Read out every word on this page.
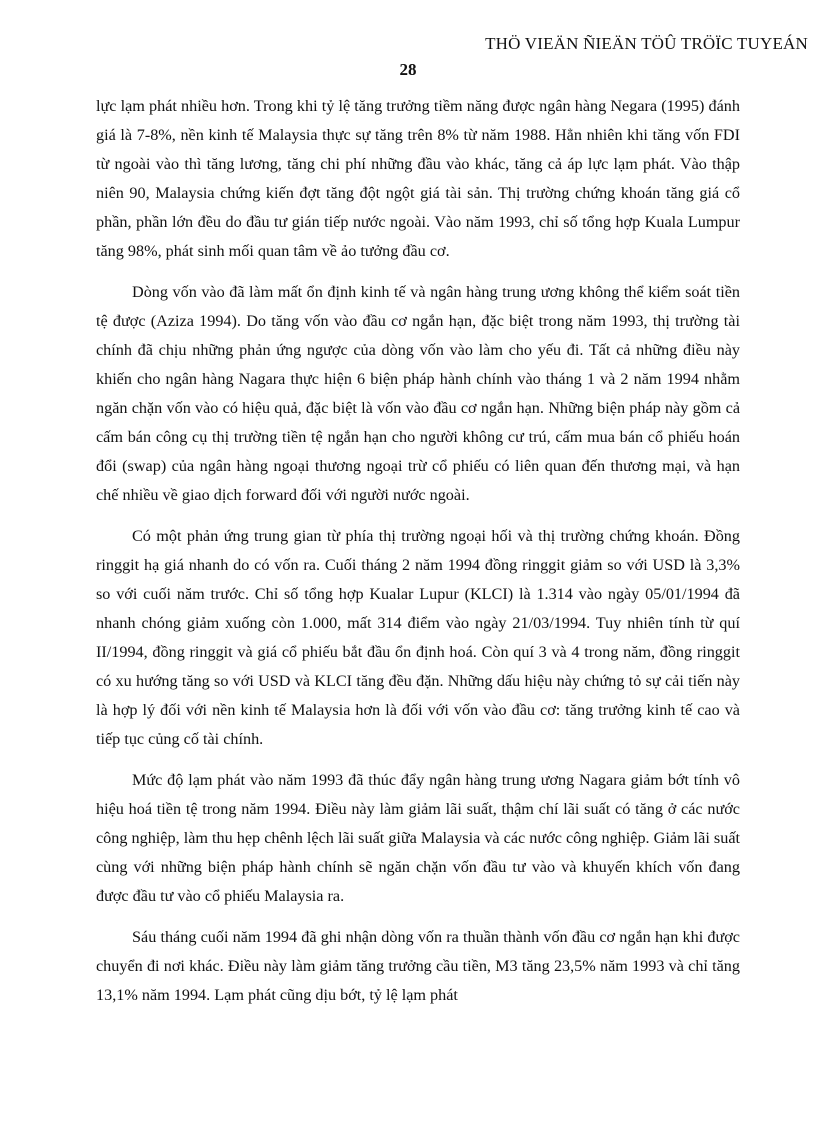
THÖ VIEÄN ÑIEÄN TÖÛ TRÖÏC TUYEÁN
28

lực lạm phát nhiều hơn. Trong khi tỷ lệ tăng trưởng tiềm năng được ngân hàng Negara (1995) đánh giá là 7-8%, nền kinh tế Malaysia thực sự tăng trên 8% từ năm 1988. Hẳn nhiên khi tăng vốn FDI từ ngoài vào thì tăng lương, tăng chi phí những đầu vào khác, tăng cả áp lực lạm phát. Vào thập niên 90, Malaysia chứng kiến đợt tăng đột ngột giá tài sản. Thị trường chứng khoán tăng giá cổ phần, phần lớn đều do đầu tư gián tiếp nước ngoài. Vào năm 1993, chỉ số tổng hợp Kuala Lumpur tăng 98%, phát sinh mối quan tâm về ảo tưởng đầu cơ.

Dòng vốn vào đã làm mất ổn định kinh tế và ngân hàng trung ương không thể kiểm soát tiền tệ được (Aziza 1994). Do tăng vốn vào đầu cơ ngắn hạn, đặc biệt trong năm 1993, thị trường tài chính đã chịu những phản ứng ngược của dòng vốn vào làm cho yếu đi. Tất cả những điều này khiến cho ngân hàng Nagara thực hiện 6 biện pháp hành chính vào tháng 1 và 2 năm 1994 nhằm ngăn chặn vốn vào có hiệu quả, đặc biệt là vốn vào đầu cơ ngắn hạn. Những biện pháp này gồm cả cấm bán công cụ thị trường tiền tệ ngắn hạn cho người không cư trú, cấm mua bán cổ phiếu hoán đổi (swap) của ngân hàng ngoại thương ngoại trừ cổ phiếu có liên quan đến thương mại, và hạn chế nhiều về giao dịch forward đối với người nước ngoài.

Có một phản ứng trung gian từ phía thị trường ngoại hối và thị trường chứng khoán. Đồng ringgit hạ giá nhanh do có vốn ra. Cuối tháng 2 năm 1994 đồng ringgit giảm so với USD là 3,3% so với cuối năm trước. Chỉ số tổng hợp Kualar Lupur (KLCI) là 1.314 vào ngày 05/01/1994 đã nhanh chóng giảm xuống còn 1.000, mất 314 điểm vào ngày 21/03/1994. Tuy nhiên tính từ quí II/1994, đồng ringgit và giá cổ phiếu bắt đầu ổn định hoá. Còn quí 3 và 4 trong năm, đồng ringgit có xu hướng tăng so với USD và KLCI tăng đều đặn. Những dấu hiệu này chứng tỏ sự cải tiến này là hợp lý đối với nền kinh tế Malaysia hơn là đối với vốn vào đầu cơ: tăng trưởng kinh tế cao và tiếp tục củng cố tài chính.

Mức độ lạm phát vào năm 1993 đã thúc đẩy ngân hàng trung ương Nagara giảm bớt tính vô hiệu hoá tiền tệ trong năm 1994. Điều này làm giảm lãi suất, thậm chí lãi suất có tăng ở các nước công nghiệp, làm thu hẹp chênh lệch lãi suất giữa Malaysia và các nước công nghiệp. Giảm lãi suất cùng với những biện pháp hành chính sẽ ngăn chặn vốn đầu tư vào và khuyến khích vốn đang được đầu tư vào cổ phiếu Malaysia ra.

Sáu tháng cuối năm 1994 đã ghi nhận dòng vốn ra thuần thành vốn đầu cơ ngắn hạn khi được chuyển đi nơi khác. Điều này làm giảm tăng trưởng cầu tiền, M3 tăng 23,5% năm 1993 và chỉ tăng 13,1% năm 1994. Lạm phát cũng dịu bớt, tỷ lệ lạm phát
